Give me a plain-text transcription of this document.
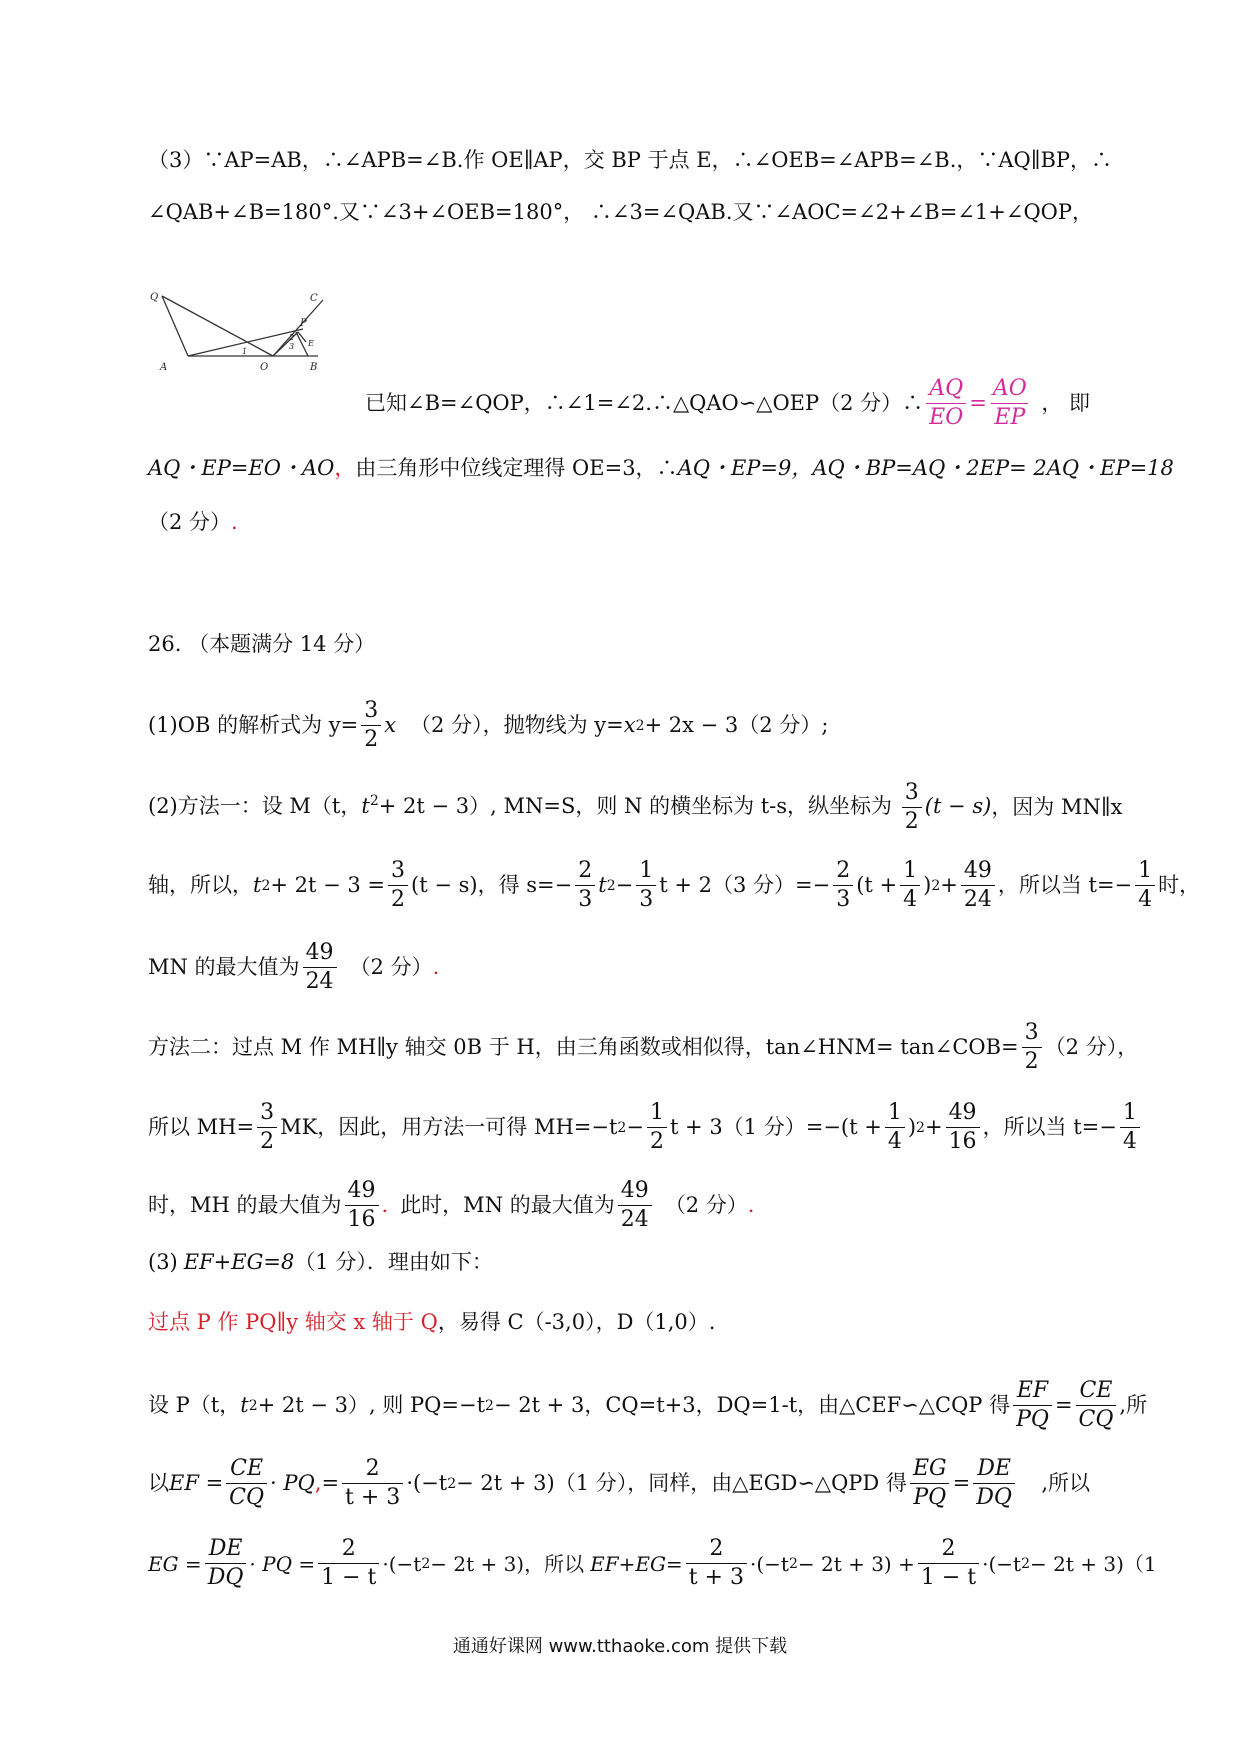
（3）∵AP=AB，∴∠APB=∠B.作 OE∥AP，交 BP 于点 E，∴∠OEB=∠APB=∠B.，∵AQ∥BP，∴
∠QAB+∠B=180°.又∵∠3+∠OEB=180°， ∴∠3=∠QAB.又∵∠AOC=∠2+∠B=∠1+∠QOP，
Q	C
P
2
3 E
1
A	O	B
已知∠B=∠QOP，∴∠1=∠2.∴△QAO∽△OEP（2 分）∴ $\frac{AQ}{EO} = \frac{AO}{EP}$ ， 即
AQ・EP=EO・AO ， 由三角形中位线定理得 OE=3，∴ AQ・EP=9，AQ・BP=AQ・2EP= 2AQ・EP=18
（2 分） .
26. （本题满分 14 分）
(1)OB 的解析式为 $y= \frac{3}{2}$ x （2 分），抛物线为 y= x 2 + 2x − 3（2 分）;
(2)方法一：设 M（t，$t^2+ 2t - 3$）, MN=S，则 N 的横坐标为 t-s，纵坐标为 $\frac{3}{2} (t - s)$ ，因为 MN∥x
轴，所以， t $2 + 2t - 3 = \frac{3}{2} (t - s)$，得 $s=- \frac{2}{3}$ t $2 - \frac{1}{3}$ t + 2（3 分）=− $\frac{2}{3} (t + \frac{1}{4}$ ) $2 + \frac{49}{24}$ ，所以当 $t=- \frac{1}{4}$ 时，
MN 的最大值为 $\frac{49}{24} (2$ 分） .
方法二：过点 M 作 MH∥y 轴交 0B 于 H，由三角函数或相似得，tan∠HNM= tan∠COB= $\frac{3}{2} (2$ 分），
所以 $MH= \frac{3}{2}$ MK，因此，用方法一可得 MH=−t $2 - \frac{1}{2}$ t + 3（1 分）$=-(t + \frac{1}{4}$ ) $2 + \frac{49}{16}$ ，所以当 $t=- \frac{1}{4}$
时，MH 的最大值为 $\frac{49}{16}$ . 此时，MN 的最大值为 $\frac{49}{24} (2$ 分） .
(3) EF+EG=8 （1 分）．理由如下：
过点 P 作 PQ∥y 轴交 x 轴于 Q ，易得 C（-3,0），D（1,0）.
设 P（t， t 2 + 2t − 3）, 则 PQ=−t 2 − 2t + 3，CQ=t+3，DQ=1-t，由△CEF∽△CQP 得 $\frac{EF}{PQ} = \frac{CE}{CQ}$ ,所
以 EF = $\frac{CE}{CQ}$ · PQ , = $\frac{2}{t + 3} \cdot(-t$ 2 − 2t + 3)（1 分），同样，由△EGD∽△QPD 得 $\frac{EG}{PQ} = \frac{DE}{DQ}$ ,所以
EG = $\frac{DE}{DQ}$ · PQ = $\frac{2}{1 - t} \cdot(-t$ 2 − 2t + 3)，所以 $EF+EG= \frac{2}{t + 3} \cdot(-t$ $2 - 2t + 3) + \frac{2}{1 - t} \cdot(-t$ 2 − 2t + 3)（1
通通好课网 www.tthaoke.com 提供下载
